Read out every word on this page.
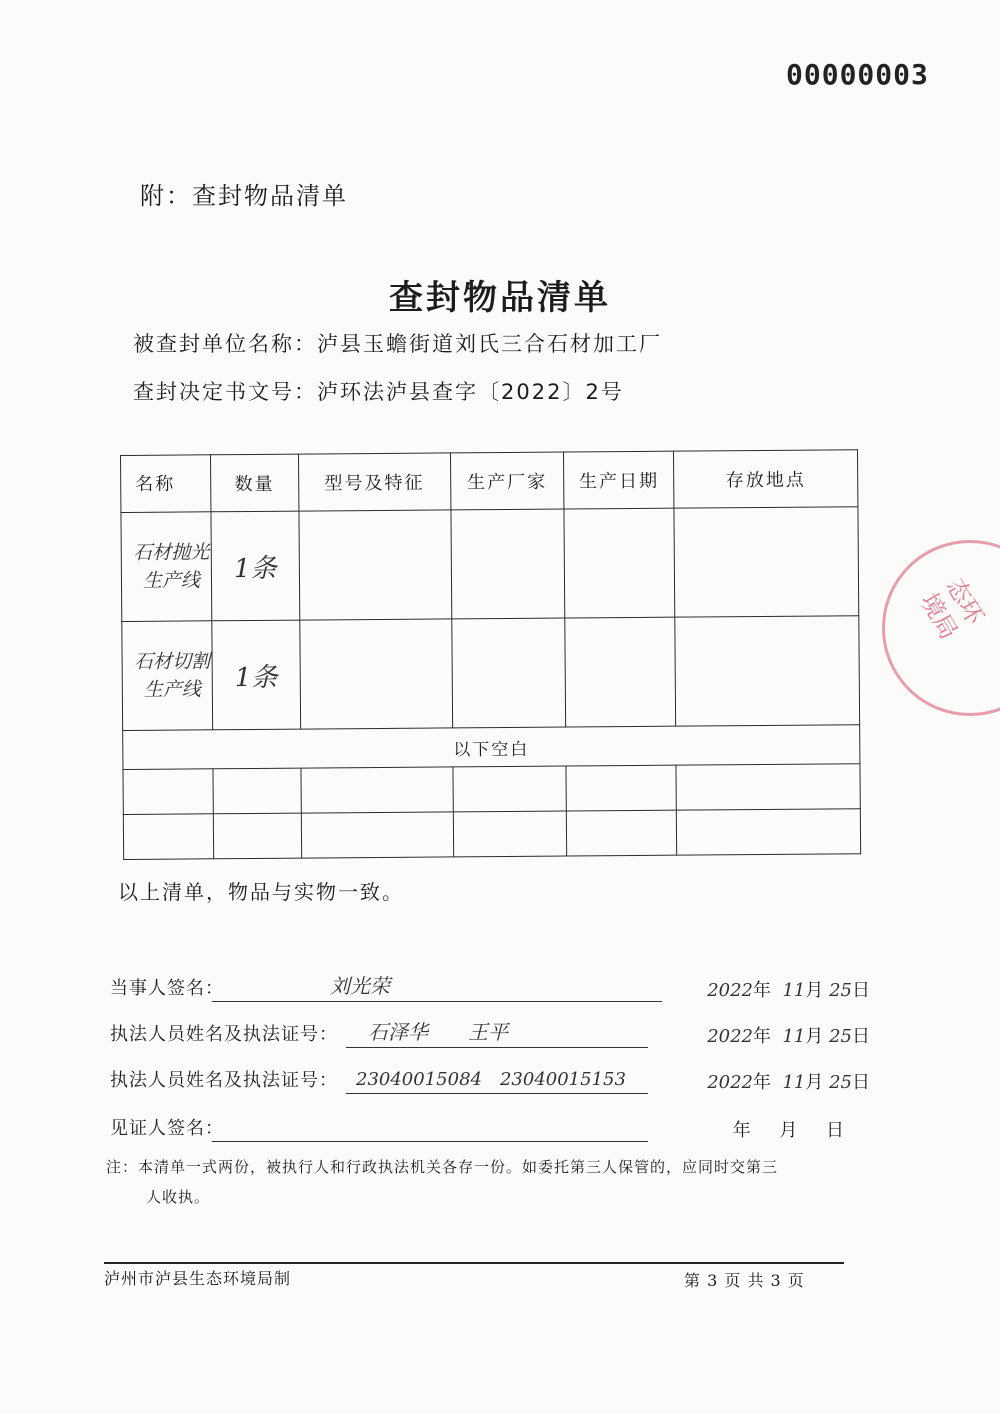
00000003
附：查封物品清单
查封物品清单
被查封单位名称：泸县玉蟾街道刘氏三合石材加工厂
查封决定书文号：泸环法泸县查字〔2022〕2号
名称	数量	型号及特征	生产厂家	生产日期	存放地点
石材抛光生产线	1条				
石材切割生产线	1条				
以下空白					

以上清单，物品与实物一致。
当事人签名：	刘光荣	2022年 11月 25日
执法人员姓名及执法证号： 石泽华　　王平	2022年 11月 25日
执法人员姓名及执法证号： 23040015084　23040015153	2022年 11月 25日
见证人签名：	年 月 日
注：本清单一式两份，被执行人和行政执法机关各存一份。如委托第三人保管的，应同时交第三
人收执。
泸州市泸县生态环境局制	第 3 页 共 3 页
态环境局
